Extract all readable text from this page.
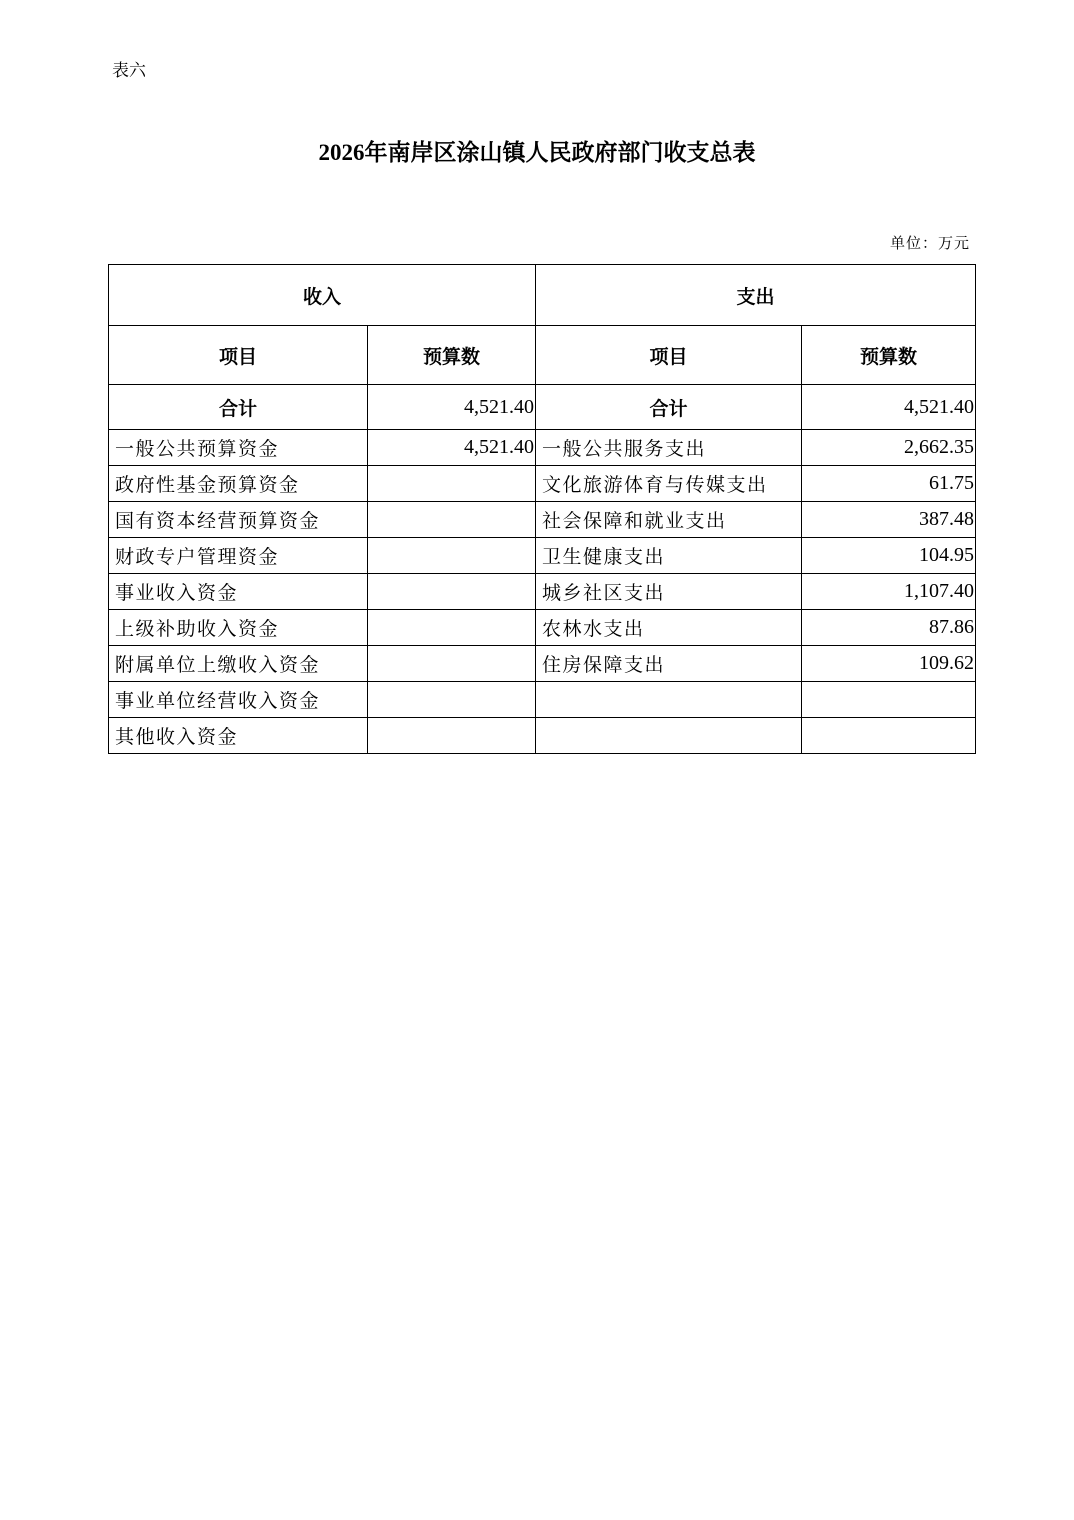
表六
2026年南岸区涂山镇人民政府部门收支总表
单位：万元
收入		支出	
项目	预算数	项目	预算数
合计	4,521.40	合计	4,521.40
一般公共预算资金	4,521.40	一般公共服务支出	2,662.35
政府性基金预算资金		文化旅游体育与传媒支出	61.75
国有资本经营预算资金		社会保障和就业支出	387.48
财政专户管理资金		卫生健康支出	104.95
事业收入资金		城乡社区支出	1,107.40
上级补助收入资金		农林水支出	87.86
附属单位上缴收入资金		住房保障支出	109.62
事业单位经营收入资金			
其他收入资金			
